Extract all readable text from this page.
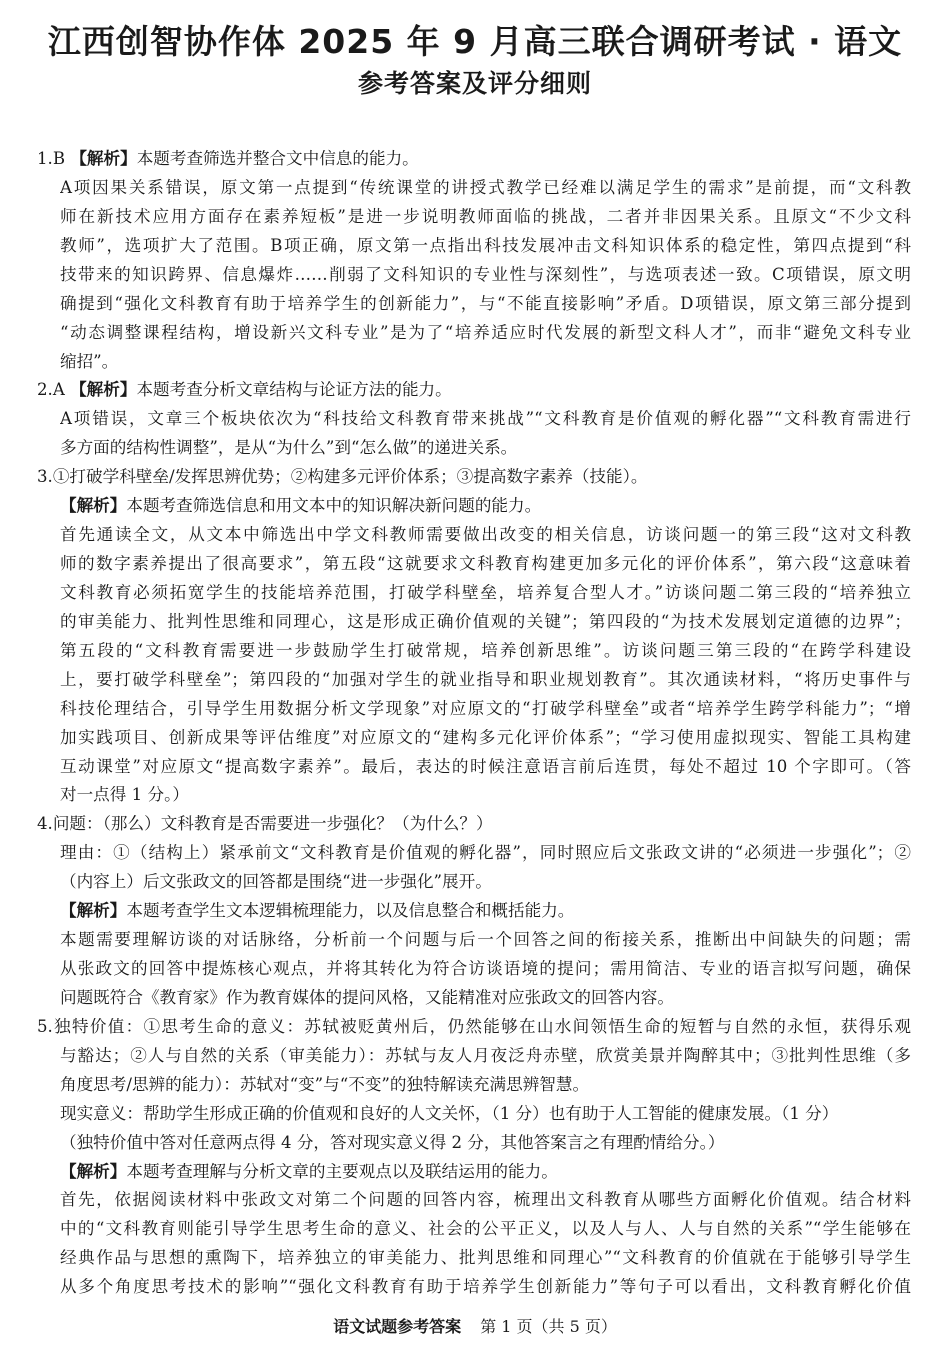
江西创智协作体 2025 年 9 月高三联合调研考试 · 语文
参考答案及评分细则
1.B 【解析】本题考查筛选并整合文中信息的能力。
A项因果关系错误，原文第一点提到“传统课堂的讲授式教学已经难以满足学生的需求”是前提，而“文科教
师在新技术应用方面存在素养短板”是进一步说明教师面临的挑战，二者并非因果关系。且原文“不少文科
教师”，选项扩大了范围。B项正确，原文第一点指出科技发展冲击文科知识体系的稳定性，第四点提到“科
技带来的知识跨界、信息爆炸……削弱了文科知识的专业性与深刻性”，与选项表述一致。C项错误，原文明
确提到“强化文科教育有助于培养学生的创新能力”，与“不能直接影响”矛盾。D项错误，原文第三部分提到
“动态调整课程结构，增设新兴文科专业”是为了“培养适应时代发展的新型文科人才”，而非“避免文科专业
缩招”。
2.A 【解析】本题考查分析文章结构与论证方法的能力。
A项错误，文章三个板块依次为“科技给文科教育带来挑战”“文科教育是价值观的孵化器”“文科教育需进行
多方面的结构性调整”，是从“为什么”到“怎么做”的递进关系。
3.①打破学科壁垒/发挥思辨优势；②构建多元评价体系；③提高数字素养（技能）。
【解析】本题考查筛选信息和用文本中的知识解决新问题的能力。
首先通读全文，从文本中筛选出中学文科教师需要做出改变的相关信息，访谈问题一的第三段“这对文科教
师的数字素养提出了很高要求”，第五段“这就要求文科教育构建更加多元化的评价体系”，第六段“这意味着
文科教育必须拓宽学生的技能培养范围，打破学科壁垒，培养复合型人才。”访谈问题二第三段的“培养独立
的审美能力、批判性思维和同理心，这是形成正确价值观的关键”；第四段的“为技术发展划定道德的边界”；
第五段的“文科教育需要进一步鼓励学生打破常规，培养创新思维”。访谈问题三第三段的“在跨学科建设
上，要打破学科壁垒”；第四段的“加强对学生的就业指导和职业规划教育”。其次通读材料，“将历史事件与
科技伦理结合，引导学生用数据分析文学现象”对应原文的“打破学科壁垒”或者“培养学生跨学科能力”；“增
加实践项目、创新成果等评估维度”对应原文的“建构多元化评价体系”；“学习使用虚拟现实、智能工具构建
互动课堂”对应原文“提高数字素养”。最后，表达的时候注意语言前后连贯，每处不超过 10 个字即可。（答
对一点得 1 分。）
4.问题：（那么）文科教育是否需要进一步强化？（为什么？）
理由：①（结构上）紧承前文“文科教育是价值观的孵化器”，同时照应后文张政文讲的“必须进一步强化”；②
（内容上）后文张政文的回答都是围绕“进一步强化”展开。
【解析】本题考查学生文本逻辑梳理能力，以及信息整合和概括能力。
本题需要理解访谈的对话脉络，分析前一个问题与后一个回答之间的衔接关系，推断出中间缺失的问题；需
从张政文的回答中提炼核心观点，并将其转化为符合访谈语境的提问；需用简洁、专业的语言拟写问题，确保
问题既符合《教育家》作为教育媒体的提问风格，又能精准对应张政文的回答内容。
5.独特价值：①思考生命的意义：苏轼被贬黄州后，仍然能够在山水间领悟生命的短暂与自然的永恒，获得乐观
与豁达；②人与自然的关系（审美能力）：苏轼与友人月夜泛舟赤壁，欣赏美景并陶醉其中；③批判性思维（多
角度思考/思辨的能力）：苏轼对“变”与“不变”的独特解读充满思辨智慧。
现实意义：帮助学生形成正确的价值观和良好的人文关怀，（1 分）也有助于人工智能的健康发展。（1 分）
（独特价值中答对任意两点得 4 分，答对现实意义得 2 分，其他答案言之有理酌情给分。）
【解析】本题考查理解与分析文章的主要观点以及联结运用的能力。
首先，依据阅读材料中张政文对第二个问题的回答内容，梳理出文科教育从哪些方面孵化价值观。结合材料
中的“文科教育则能引导学生思考生命的意义、社会的公平正义，以及人与人、人与自然的关系”“学生能够在
经典作品与思想的熏陶下，培养独立的审美能力、批判思维和同理心”“文科教育的价值就在于能够引导学生
从多个角度思考技术的影响”“强化文科教育有助于培养学生创新能力”等句子可以看出，文科教育孵化价值
语文试题参考答案 第 1 页（共 5 页）
